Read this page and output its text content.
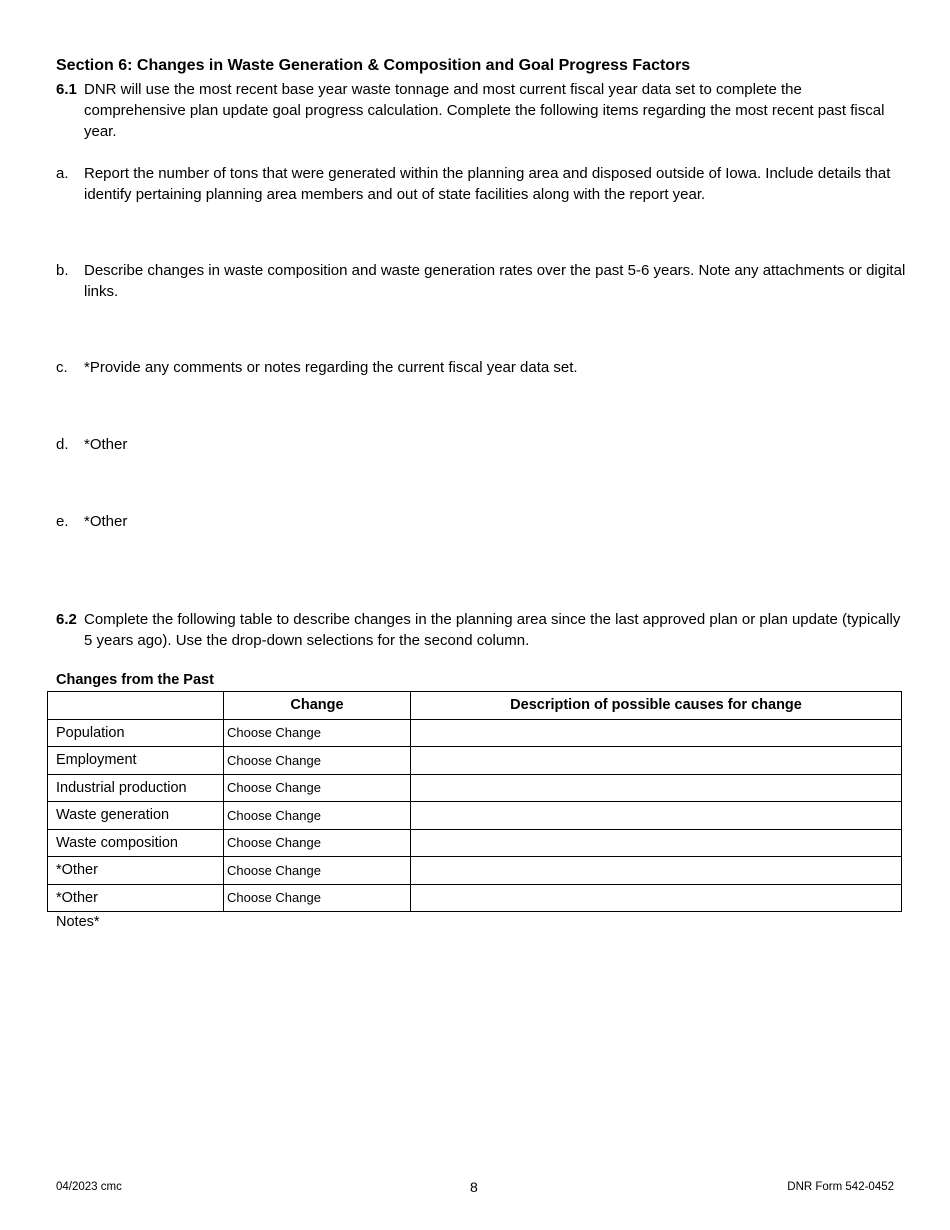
Section 6: Changes in Waste Generation & Composition and Goal Progress Factors
6.1 DNR will use the most recent base year waste tonnage and most current fiscal year data set to complete the comprehensive plan update goal progress calculation. Complete the following items regarding the most recent past fiscal year.
a. Report the number of tons that were generated within the planning area and disposed outside of Iowa. Include details that identify pertaining planning area members and out of state facilities along with the report year.
b. Describe changes in waste composition and waste generation rates over the past 5-6 years. Note any attachments or digital links.
c. *Provide any comments or notes regarding the current fiscal year data set.
d. *Other
e. *Other
6.2 Complete the following table to describe changes in the planning area since the last approved plan or plan update (typically 5 years ago). Use the drop-down selections for the second column.
Changes from the Past
	Change	Description of possible causes for change
Population	Choose Change	
Employment	Choose Change	
Industrial production	Choose Change	
Waste generation	Choose Change	
Waste composition	Choose Change	
*Other	Choose Change	
*Other	Choose Change	
Notes*
04/2023 cmc	8	DNR Form 542-0452
